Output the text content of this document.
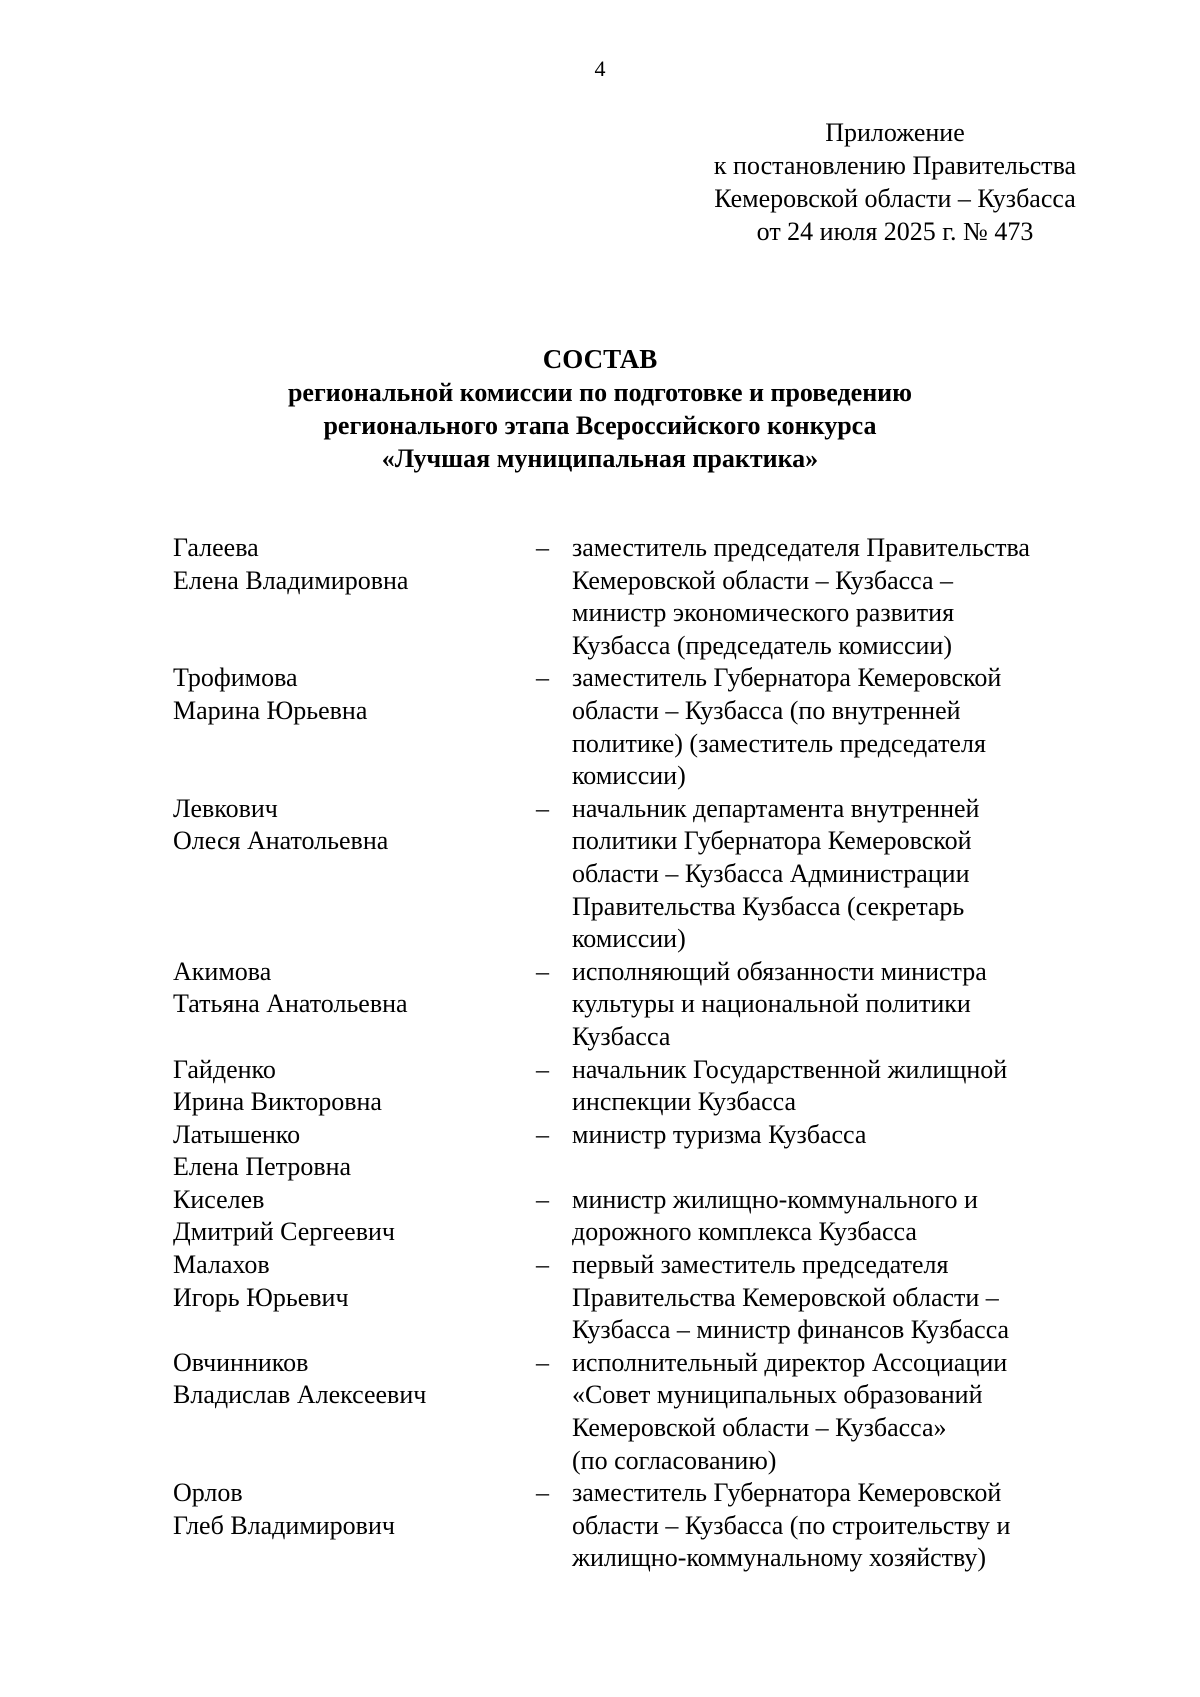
4
Приложение
к постановлению Правительства
Кемеровской области – Кузбасса
от 24 июля 2025 г. № 473
СОСТАВ
региональной комиссии по подготовке и проведению
регионального этапа Всероссийского конкурса
«Лучшая муниципальная практика»
Галеева
Елена Владимировна
– заместитель председателя Правительства
Кемеровской области – Кузбасса –
министр экономического развития
Кузбасса (председатель комиссии)
Трофимова
Марина Юрьевна
– заместитель Губернатора Кемеровской
области – Кузбасса (по внутренней
политике) (заместитель председателя
комиссии)
Левкович
Олеся Анатольевна
– начальник департамента внутренней
политики Губернатора Кемеровской
области – Кузбасса Администрации
Правительства Кузбасса (секретарь
комиссии)
Акимова
Татьяна Анатольевна
– исполняющий обязанности министра
культуры и национальной политики
Кузбасса
Гайденко
Ирина Викторовна
– начальник Государственной жилищной
инспекции Кузбасса
Латышенко
Елена Петровна
– министр туризма Кузбасса
Киселев
Дмитрий Сергеевич
– министр жилищно-коммунального и
дорожного комплекса Кузбасса
Малахов
Игорь Юрьевич
– первый заместитель председателя
Правительства Кемеровской области –
Кузбасса – министр финансов Кузбасса
Овчинников
Владислав Алексеевич
– исполнительный директор Ассоциации
«Совет муниципальных образований
Кемеровской области – Кузбасса»
(по согласованию)
Орлов
Глеб Владимирович
– заместитель Губернатора Кемеровской
области – Кузбасса (по строительству и
жилищно-коммунальному хозяйству)
